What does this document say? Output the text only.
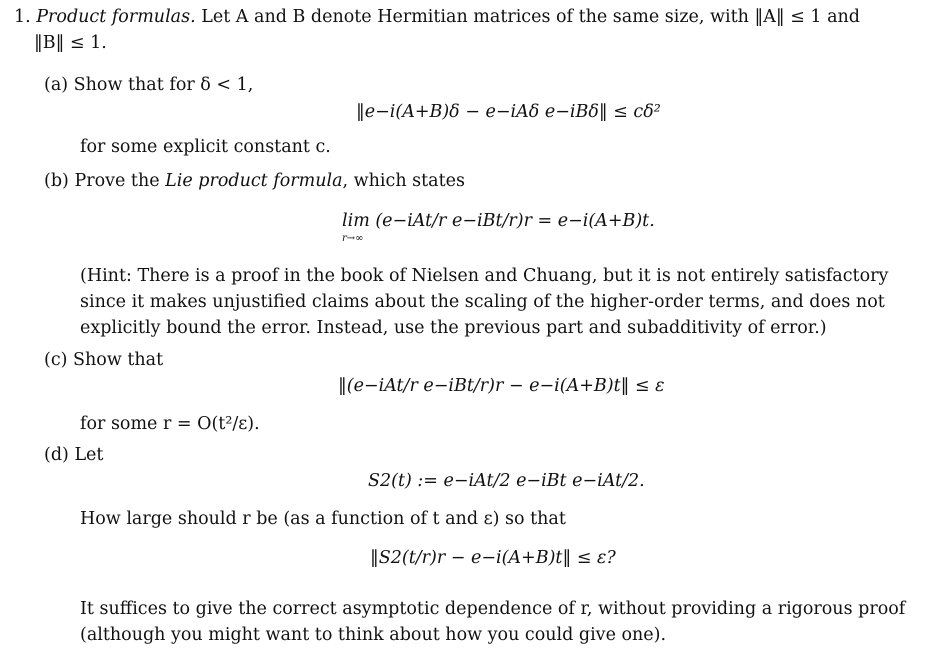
1. Product formulas. Let A and B denote Hermitian matrices of the same size, with ‖A‖ ≤ 1 and
‖B‖ ≤ 1.
(a) Show that for δ < 1,
‖e−i(A+B)δ − e−iAδ e−iBδ‖ ≤ cδ²
for some explicit constant c.
(b) Prove the Lie product formula, which states
lim (e−iAt/r e−iBt/r)r = e−i(A+B)t.
r→∞
(Hint: There is a proof in the book of Nielsen and Chuang, but it is not entirely satisfactory
since it makes unjustified claims about the scaling of the higher-order terms, and does not
explicitly bound the error. Instead, use the previous part and subadditivity of error.)
(c) Show that
‖(e−iAt/r e−iBt/r)r − e−i(A+B)t‖ ≤ ε
for some r = O(t²/ε).
(d) Let
S2(t) := e−iAt/2 e−iBt e−iAt/2.
How large should r be (as a function of t and ε) so that
‖S2(t/r)r − e−i(A+B)t‖ ≤ ε?
It suffices to give the correct asymptotic dependence of r, without providing a rigorous proof
(although you might want to think about how you could give one).
